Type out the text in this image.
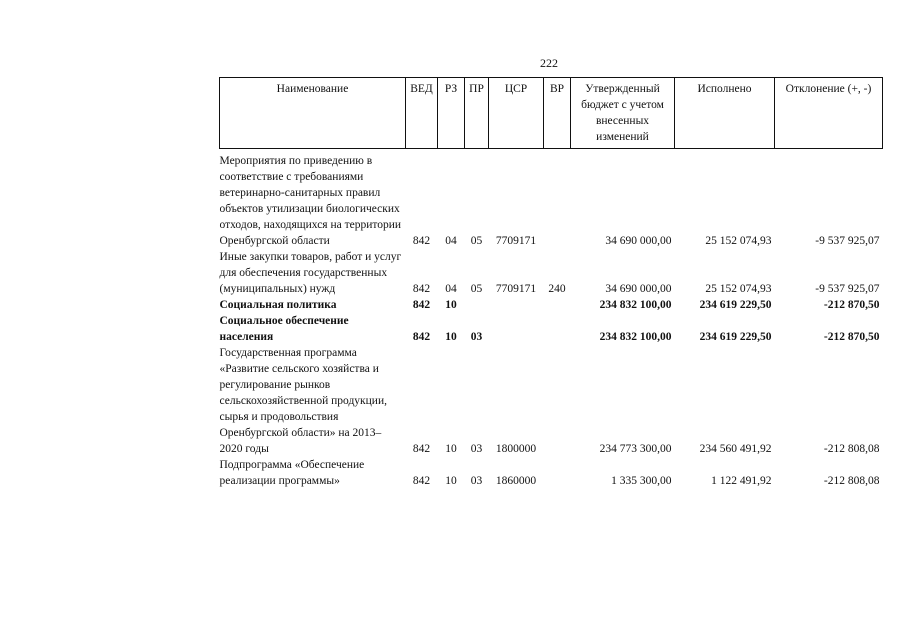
222
Наименование	ВЕД	РЗ	ПР	ЦСР	ВР	Утвержденный бюджет с учетом внесенных изменений	Исполнено	Отклонение (+, -)
Мероприятия по приведению в соответствие с требованиями ветеринарно-санитарных правил объектов утилизации биологических отходов, находящихся на территории Оренбургской области	842	04	05	7709171		34 690 000,00	25 152 074,93	-9 537 925,07
Иные закупки товаров, работ и услуг для обеспечения государственных (муниципальных) нужд	842	04	05	7709171	240	34 690 000,00	25 152 074,93	-9 537 925,07
Социальная политика	842	10				234 832 100,00	234 619 229,50	-212 870,50
Социальное обеспечение населения	842	10	03			234 832 100,00	234 619 229,50	-212 870,50
Государственная программа «Развитие сельского хозяйства и регулирование рынков сельскохозяйственной продукции, сырья и продовольствия Оренбургской области» на 2013–2020 годы	842	10	03	1800000		234 773 300,00	234 560 491,92	-212 808,08
Подпрограмма «Обеспечение реализации программы»	842	10	03	1860000		1 335 300,00	1 122 491,92	-212 808,08
